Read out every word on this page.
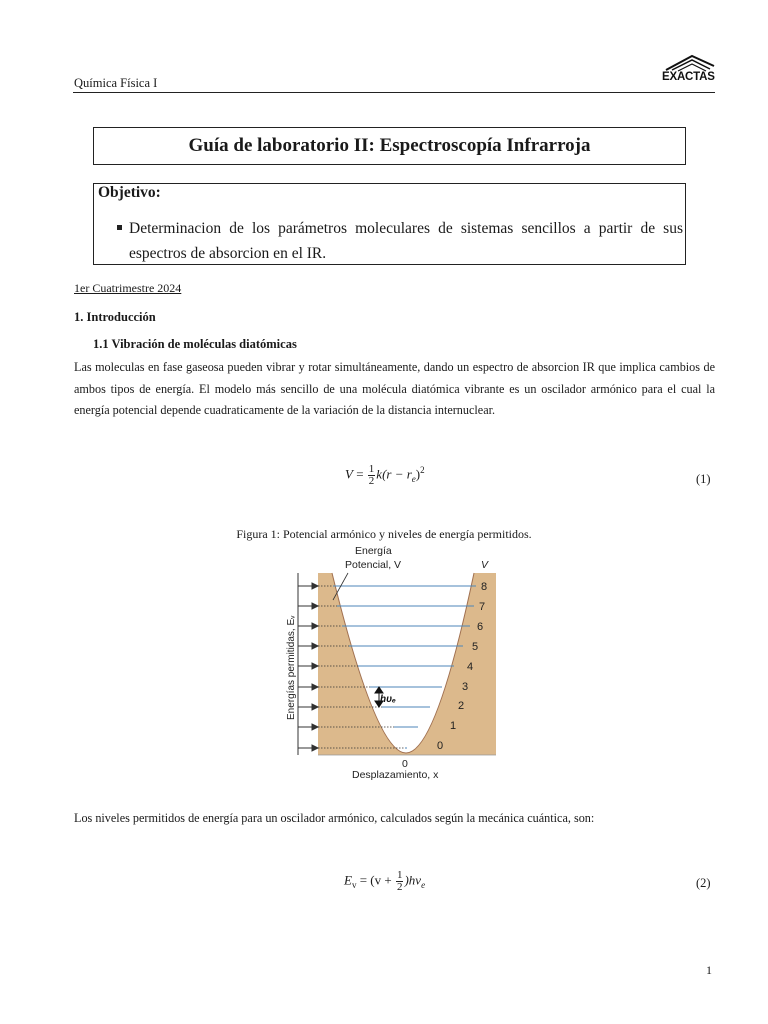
Química Física I	EXACTAS
Guía de laboratorio II: Espectroscopía Infrarroja
Objetivo:
Determinacion de los parámetros moleculares de sistemas sencillos a partir de sus espectros de absorcion en el IR.
1er Cuatrimestre 2024
1. Introducción
1.1 Vibración de moléculas diatómicas
Las moleculas en fase gaseosa pueden vibrar y rotar simultáneamente, dando un espectro de absorcion IR que implica cambios de ambos tipos de energía. El modelo más sencillo de una molécula diatómica vibrante es un oscilador armónico para el cual la energía potencial depende cuadraticamente de la variación de la distancia internuclear.
$V = \frac{1}{2} k(r - r_e)^2$
(1)
Figura 1: Potencial armónico y niveles de energía permitidos.
Energía
Potencial, V	V
Energías permitidas, Eᵥ	hυₑ
0
Desplazamiento, x
0
1
2
3
4
5
6
7
8
Los niveles permitidos de energía para un oscilador armónico, calculados según la mecánica cuántica, son:
$E_v = (v + \frac{1}{2} )h\nu_e$	(2)
1
